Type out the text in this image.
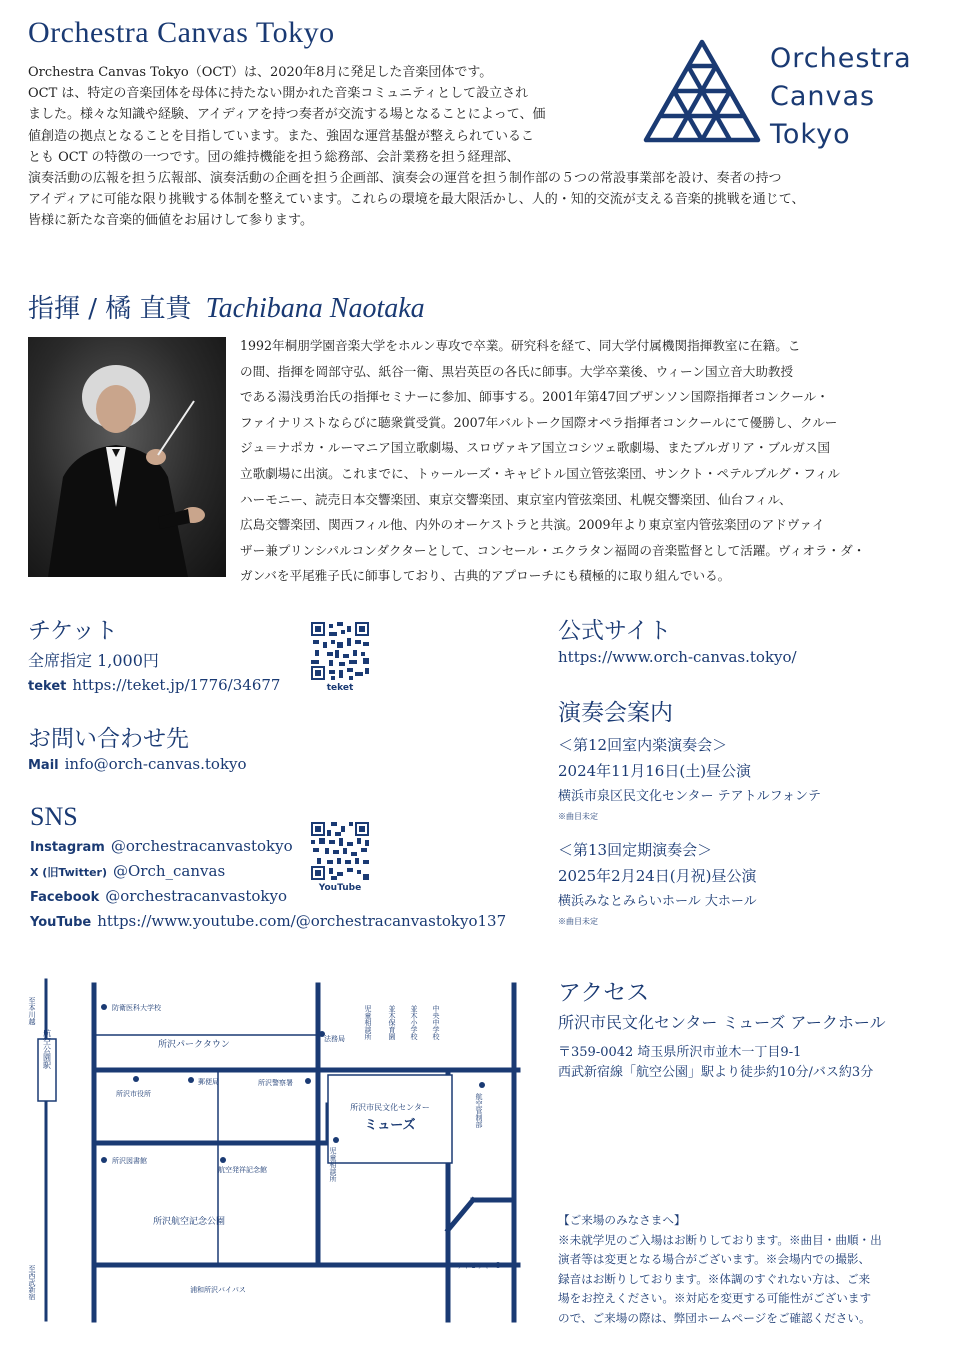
Orchestra Canvas Tokyo

Orchestra Canvas Tokyo（OCT）は、2020年8月に発足した音楽団体です。

OCT は、特定の音楽団体を母体に持たない開かれた音楽コミュニティとして設立され

ました。様々な知識や経験、アイディアを持つ奏者が交流する場となることによって、価

値創造の拠点となることを目指しています。また、強固な運営基盤が整えられているこ

とも OCT の特徴の一つです。団の維持機能を担う総務部、会計業務を担う経理部、

演奏活動の広報を担う広報部、演奏活動の企画を担う企画部、演奏会の運営を担う制作部の５つの常設事業部を設け、奏者の持つ

アイディアに可能な限り挑戦する体制を整えています。これらの環境を最大限活かし、人的・知的交流が支える音楽的挑戦を通じて、

皆様に新たな音楽的価値をお届けして参ります。

Orchestra
Canvas
Tokyo
指揮 / 橘 直貴 Tachibana Naotaka
1992年桐朋学園音楽大学をホルン専攻で卒業。研究科を経て、同大学付属機関指揮教室に在籍。こ
の間、指揮を岡部守弘、紙谷一衛、黒岩英臣の各氏に師事。大学卒業後、ウィーン国立音大助教授
である湯浅勇治氏の指揮セミナーに参加、師事する。2001年第47回ブザンソン国際指揮者コンクール・
ファイナリストならびに聴衆賞受賞。2007年バルトーク国際オペラ指揮者コンクールにて優勝し、クルー
ジュ＝ナポカ・ルーマニア国立歌劇場、スロヴァキア国立コシツェ歌劇場、またブルガリア・ブルガス国
立歌劇場に出演。これまでに、トゥールーズ・キャピトル国立管弦楽団、サンクト・ペテルブルグ・フィル
ハーモニー、読売日本交響楽団、東京交響楽団、東京室内管弦楽団、札幌交響楽団、仙台フィル、
広島交響楽団、関西フィル他、内外のオーケストラと共演。2009年より東京室内管弦楽団のアドヴァイ
ザー兼プリンシパルコンダクターとして、コンセール・エクラタン福岡の音楽監督として活躍。ヴィオラ・ダ・
ガンバを平尾雅子氏に師事しており、古典的アプローチにも積極的に取り組んでいる。
チケット
全席指定 1,000円
teket https://teket.jp/1776/34677	teket
お問い合わせ先
Mail info@orch-canvas.tokyo
SNS
Instagram @orchestracanvastokyo
X (旧Twitter) @Orch_canvas
Facebook @orchestracanvastokyo
YouTube https://www.youtube.com/@orchestracanvastokyo137
YouTube
公式サイト
https://www.orch-canvas.tokyo/
演奏会案内
＜第12回室内楽演奏会＞
2024年11月16日(土)昼公演
横浜市泉区民文化センター テアトルフォンテ
※曲目未定
＜第13回定期演奏会＞
2025年2月24日(月祝)昼公演
横浜みなとみらいホール 大ホール
※曲目未定
アクセス
所沢市民文化センター ミューズ アークホール
〒359-0042 埼玉県所沢市並木一丁目9-1
西武新宿線「航空公園」駅より徒歩約10分/バス約3分
航空公園駅
至本川越
至西武新宿
防衛医科大学校
所沢パークタウン
法務局	児童相談所 並木保育園 並木小学校 中央中学校
所沢市役所
郵便局	所沢警察署
航空管制部
所沢市民文化センター
ミューズ
児童相談所
所沢図書館
航空発祥記念館
所沢航空記念公園
サイゼリヤ
浦和所沢バイパス
【ご来場のみなさまへ】
※未就学児のご入場はお断りしております。※曲目・曲順・出
演者等は変更となる場合がございます。※会場内での撮影、
録音はお断りしております。※体調のすぐれない方は、ご来
場をお控えください。※対応を変更する可能性がございます
ので、ご来場の際は、弊団ホームページをご確認ください。
